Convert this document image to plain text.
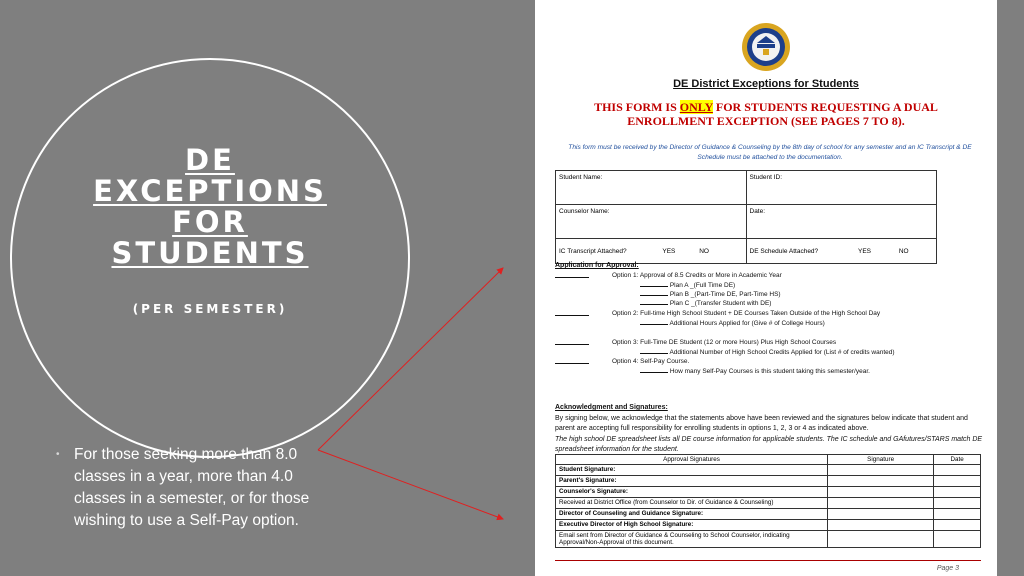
DE
EXCEPTIONS
FOR
STUDENTS
(PER SEMESTER)
• For those seeking more than 8.0 classes in a year, more than 4.0 classes in a semester, or for those wishing to use a Self-Pay option.
DE District Exceptions for Students
THIS FORM IS ONLY FOR STUDENTS REQUESTING A DUAL
ENROLLMENT EXCEPTION (SEE PAGES 7 TO 8).
This form must be received by the Director of Guidance & Counseling by the 8th day of school for any semester and an IC Transcript & DE Schedule must be attached to the documentation.
Student Name:	Student ID:
Counselor Name:	Date:
IC Transcript Attached? YES NO	DE Schedule Attached? YES NO
Application for Approval:
Option 1: Approval of 8.5 Credits or More in Academic Year
Plan A _(Full Time DE)
Plan B _(Part-Time DE, Part-Time HS)
Plan C _(Transfer Student with DE)
Option 2: Full-time High School Student + DE Courses Taken Outside of the High School Day
Additional Hours Applied for (Give # of College Hours)
Option 3: Full-Time DE Student (12 or more Hours) Plus High School Courses
Additional Number of High School Credits Applied for (List # of credits wanted)
Option 4: Self-Pay Course.
How many Self-Pay Courses is this student taking this semester/year.
Acknowledgment and Signatures:
By signing below, we acknowledge that the statements above have been reviewed and the signatures below indicate that student and parent are accepting full responsibility for enrolling students in options 1, 2, 3 or 4 as indicated above.
The high school DE spreadsheet lists all DE course information for applicable students. The IC schedule and GAfutures/STARS match DE spreadsheet information for the student.
Approval Signatures	Signature	Date
Student Signature:		
Parent's Signature:		
Counselor's Signature:		
Received at District Office (from Counselor to Dir. of Guidance & Counseling)		
Director of Counseling and Guidance Signature:		
Executive Director of High School Signature:		
Email sent from Director of Guidance & Counseling to School Counselor, indicating Approval/Non-Approval of this document.		
Page 3
